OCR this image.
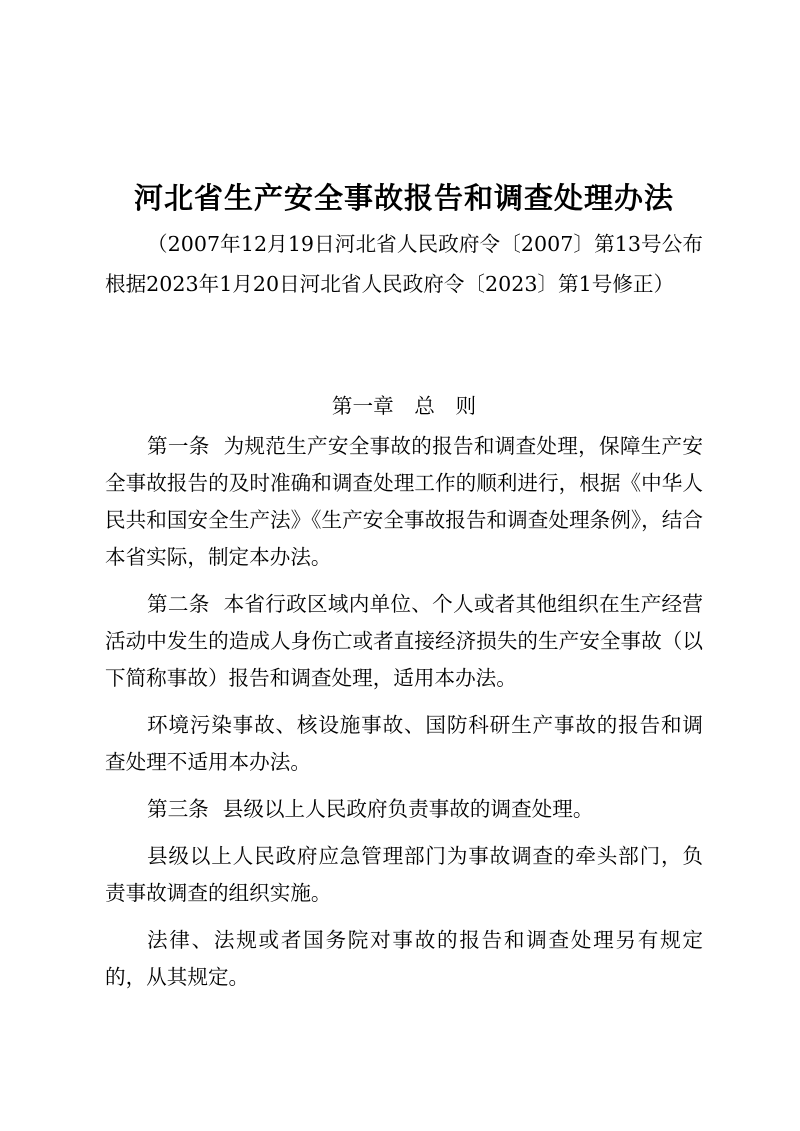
河北省生产安全事故报告和调查处理办法

（2007年12月19日河北省人民政府令〔2007〕第13号公布　根据2023年1月20日河北省人民政府令〔2023〕第1号修正）

第一章　总　则

第一条 为规范生产安全事故的报告和调查处理，保障生产安全事故报告的及时准确和调查处理工作的顺利进行，根据《中华人民共和国安全生产法》《生产安全事故报告和调查处理条例》，结合本省实际，制定本办法。

第二条 本省行政区域内单位、个人或者其他组织在生产经营活动中发生的造成人身伤亡或者直接经济损失的生产安全事故（以下简称事故）报告和调查处理，适用本办法。

环境污染事故、核设施事故、国防科研生产事故的报告和调查处理不适用本办法。

第三条 县级以上人民政府负责事故的调查处理。

县级以上人民政府应急管理部门为事故调查的牵头部门，负责事故调查的组织实施。

法律、法规或者国务院对事故的报告和调查处理另有规定的，从其规定。
